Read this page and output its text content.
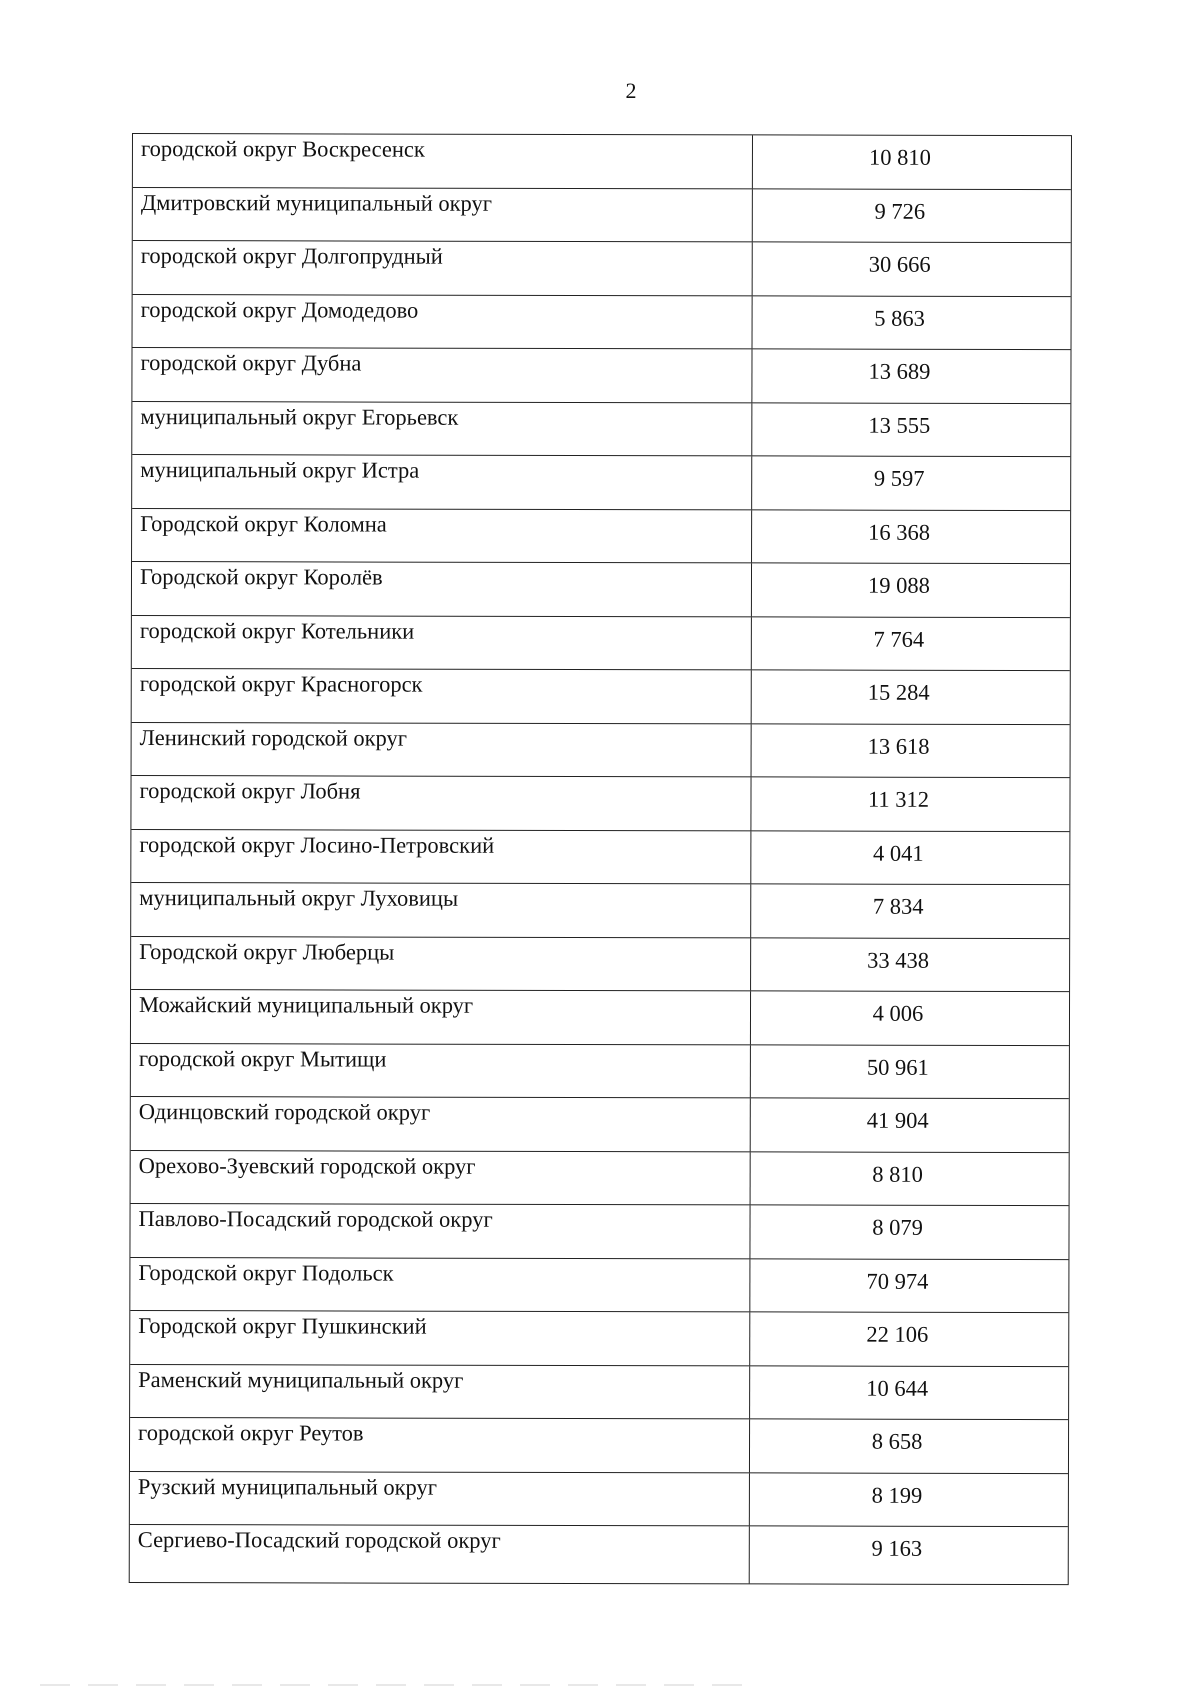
2
городской округ Воскресенск	10 810
Дмитровский муниципальный округ	9 726
городской округ Долгопрудный	30 666
городской округ Домодедово	5 863
городской округ Дубна	13 689
муниципальный округ Егорьевск	13 555
муниципальный округ Истра	9 597
Городской округ Коломна	16 368
Городской округ Королёв	19 088
городской округ Котельники	7 764
городской округ Красногорск	15 284
Ленинский городской округ	13 618
городской округ Лобня	11 312
городской округ Лосино-Петровский	4 041
муниципальный округ Луховицы	7 834
Городской округ Люберцы	33 438
Можайский муниципальный округ	4 006
городской округ Мытищи	50 961
Одинцовский городской округ	41 904
Орехово-Зуевский городской округ	8 810
Павлово-Посадский городской округ	8 079
Городской округ Подольск	70 974
Городской округ Пушкинский	22 106
Раменский муниципальный округ	10 644
городской округ Реутов	8 658
Рузский муниципальный округ	8 199
Сергиево-Посадский городской округ	9 163
